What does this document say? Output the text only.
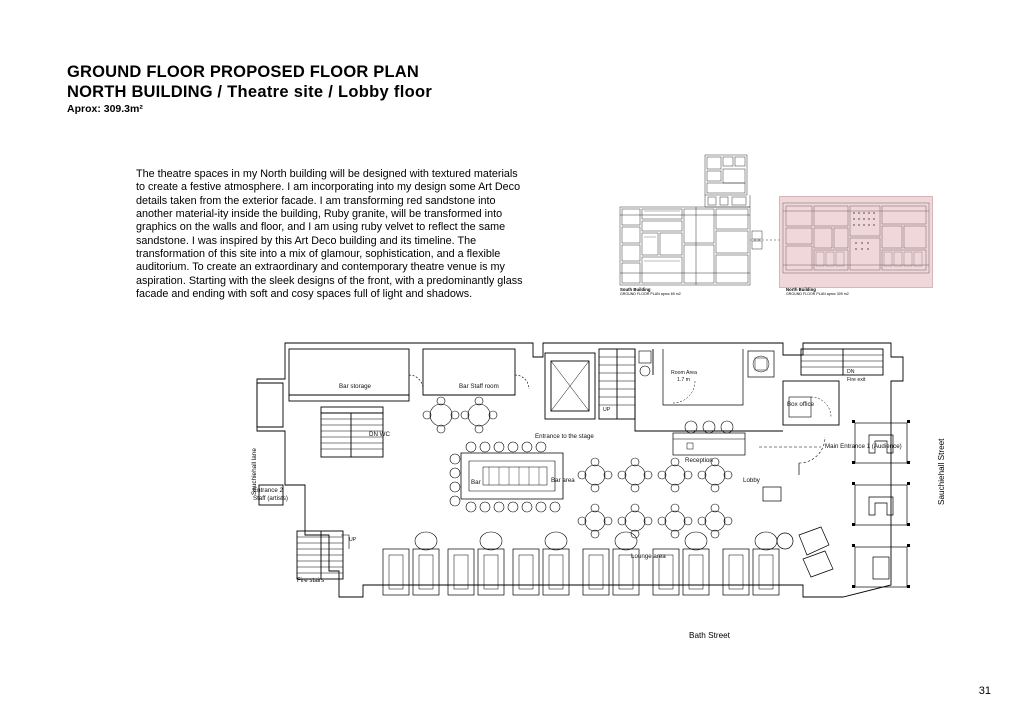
GROUND FLOOR PROPOSED FLOOR PLAN
NORTH BUILDING / Theatre site / Lobby floor
Aprox: 309.3m²
The theatre spaces in my North building will be designed with textured materials to create a festive atmosphere. I am incorporating into my design some Art Deco details taken from the exterior facade. I am transforming red sandstone into another material-ity inside the building, Ruby granite, will be transformed into graphics on the walls and floor, and I am using ruby velvet to reflect the same sandstone. I was inspired by this Art Deco building and its timeline. The transformation of this site into a mix of glamour, sophistication, and a flexible auditorium. To create an extraordinary and contemporary theatre venue is my aspiration. Starting with the sleek designs of the front, with a predominantly glass facade and ending with soft and cosy spaces full of light and shadows.	South Building
GROUND FLOOR PLAN aprox 69 m2
North Building
GROUND FLOOR PLAN aprox 309 m2
Bar storage	Bar Staff room
DN WC
Entrance 2
Staff (artists)
Fire stairs
UP
UP
Entrance to the stage
Bar	Bar area
Room Area
1.7 m
Reception
Box office
DN
Fire exit
Lobby
Main Entrance 1 (Audience)
Lounge area
Sauchiehall lane	Sauchiehall Street
Bath Street
31
